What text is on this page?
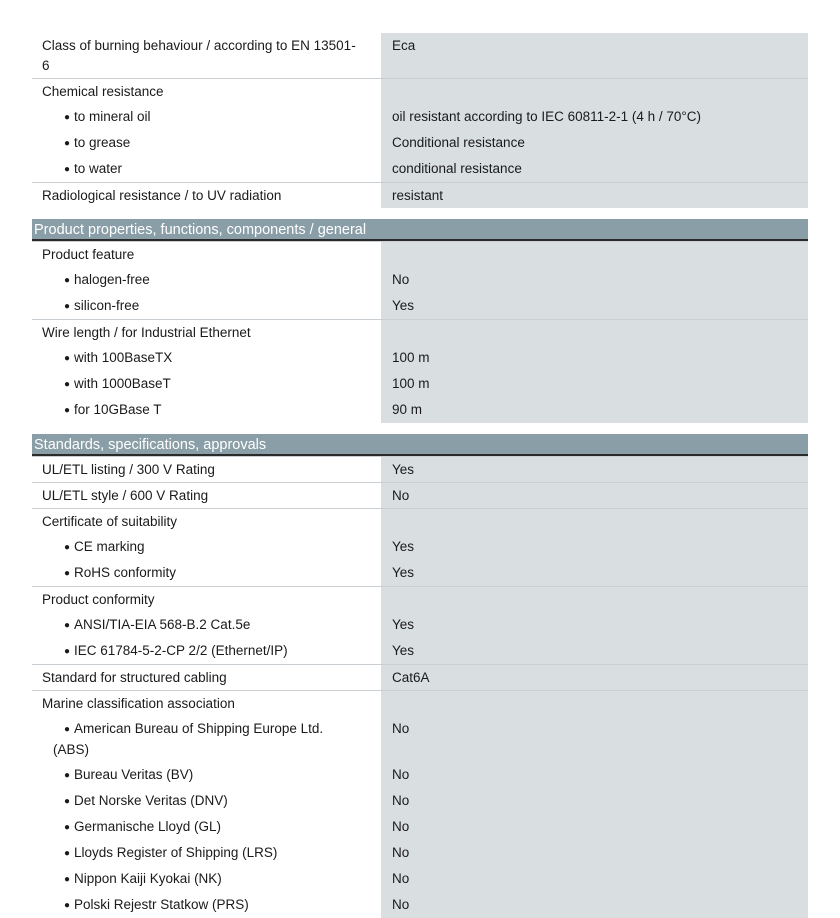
Class of burning behaviour / according to EN 13501-
6	Eca

Chemical resistance	

● to mineral oil	oil resistant according to IEC 60811-2-1 (4 h / 70°C)

● to grease	Conditional resistance

● to water	conditional resistance

Radiological resistance / to UV radiation	resistant
Product properties, functions, components / general
Product feature	

● halogen-free	No

● silicon-free	Yes

Wire length / for Industrial Ethernet	

● with 100BaseTX	100 m

● with 1000BaseT	100 m

● for 10GBase T	90 m
Standards, specifications, approvals
UL/ETL listing / 300 V Rating	Yes

UL/ETL style / 600 V Rating	No

Certificate of suitability	

● CE marking	Yes

● RoHS conformity	Yes

Product conformity	

● ANSI/TIA-EIA 568-B.2 Cat.5e	Yes

● IEC 61784-5-2-CP 2/2 (Ethernet/IP)	Yes

Standard for structured cabling	Cat6A

Marine classification association	

● American Bureau of Shipping Europe Ltd.
(ABS)	No

● Bureau Veritas (BV)	No

● Det Norske Veritas (DNV)	No

● Germanische Lloyd (GL)	No

● Lloyds Register of Shipping (LRS)	No

● Nippon Kaiji Kyokai (NK)	No

● Polski Rejestr Statkow (PRS)	No
